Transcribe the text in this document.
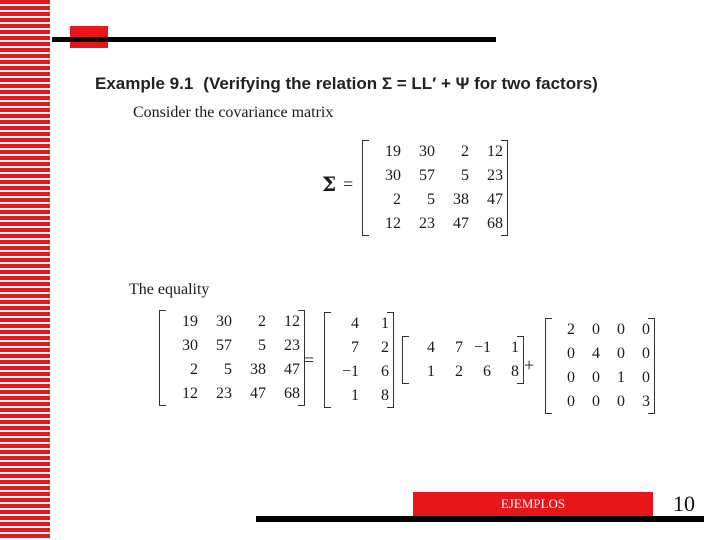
Example 9.1 (Verifying the relation Σ = LL′ + Ψ for two factors)
Consider the covariance matrix
Σ =
19	30	2	12
30	57	5	23
2	5	38	47
12	23	47	68
The equality
19	30	2	12
30	57	5	23
2	5	38	47
12	23	47	68
=
4	1
7	2
−1	6
1	8
4	7	−1	1
1	2	6	8 +
2	0	0	0
0	4	0	0
0	0	1	0
0	0	0	3
EJEMPLOS	10
